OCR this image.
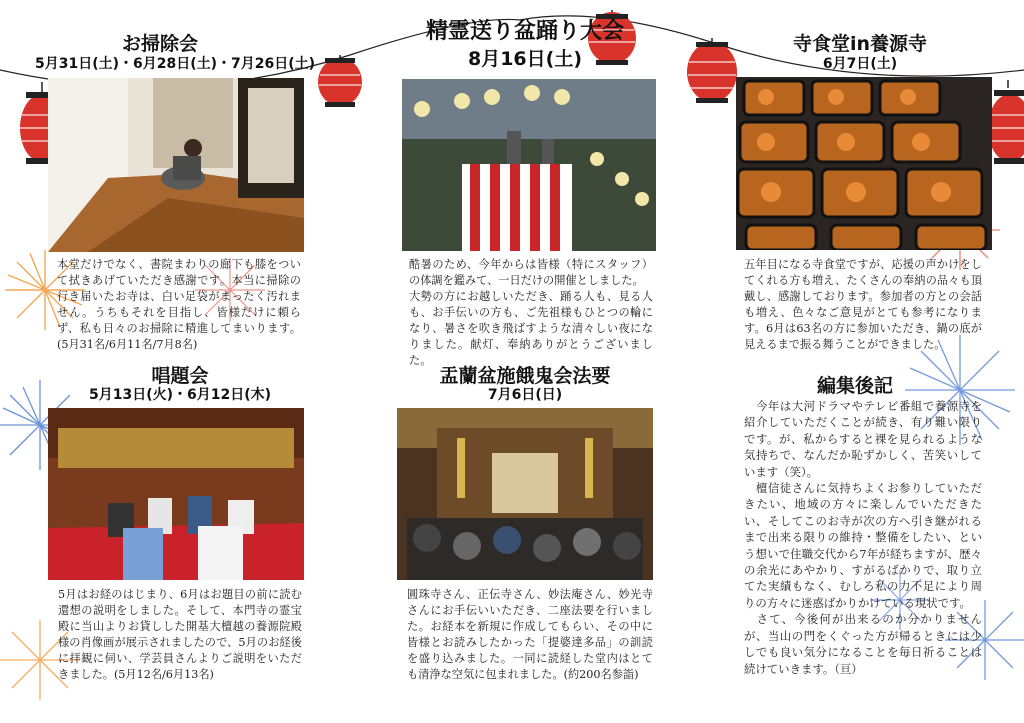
お掃除会
5月31日(土)・6月28日(土)・7月26日(土)
本堂だけでなく、書院まわりの廊下も膝をついて拭きあげていただき感謝です。本当に掃除の行き届いたお寺は、白い足袋がまったく汚れません。うちもそれを目指し、皆様だけに頼らず、私も日々のお掃除に精進してまいります。(5月31名/6月11名/7月8名)
精霊送り盆踊り大会
8月16日(土)
酷暑のため、今年からは皆様（特にスタッフ）の体調を鑑みて、一日だけの開催としました。
大勢の方にお越しいただき、踊る人も、見る人も、お手伝いの方も、ご先祖様もひとつの輪になり、暑さを吹き飛ばすような清々しい夜になりました。献灯、奉納ありがとうございました。
寺食堂in養源寺
6月7日(土)
五年目になる寺食堂ですが、応援の声かけをしてくれる方も増え、たくさんの奉納の品々も頂戴し、感謝しております。参加者の方との会話も増え、色々なご意見がとても参考になります。6月は63名の方に参加いただき、鍋の底が見えるまで振る舞うことができました。
唱題会
5月13日(火)・6月12日(木)
5月はお経のはじまり、6月はお題目の前に読む還想の説明をしました。そして、本門寺の霊宝殿に当山よりお貸しした開基大檀越の養源院殿様の肖像画が展示されましたので、5月のお経後に拝観に伺い、学芸員さんよりご説明をいただきました。(5月12名/6月13名)
盂蘭盆施餓鬼会法要
7月6日(日)
圓珠寺さん、正伝寺さん、妙法庵さん、妙光寺さんにお手伝いいただき、二座法要を行いました。お経本を新規に作成してもらい、その中に皆様とお読みしたかった「提婆達多品」の訓読を盛り込みました。一同に読経した堂内はとても清浄な空気に包まれました。(約200名参詣)
編集後記
　今年は大河ドラマやテレビ番組で養源寺を紹介していただくことが続き、有り難い限りです。が、私からすると裸を見られるような気持ちで、なんだか恥ずかしく、苦笑いしています（笑）。
　檀信徒さんに気持ちよくお参りしていただきたい、地域の方々に楽しんでいただきたい、そしてこのお寺が次の方へ引き継がれるまで出来る限りの維持・整備をしたい、という想いで住職交代から7年が経ちますが、歴々の余光にあやかり、すがるばかりで、取り立てた実績もなく、むしろ私の力不足により周りの方々に迷惑ばかりかけている現状です。
　さて、今後何が出来るのか分かりませんが、当山の門をくぐった方が帰るときには少しでも良い気分になることを毎日祈ることは続けていきます。（亘）
